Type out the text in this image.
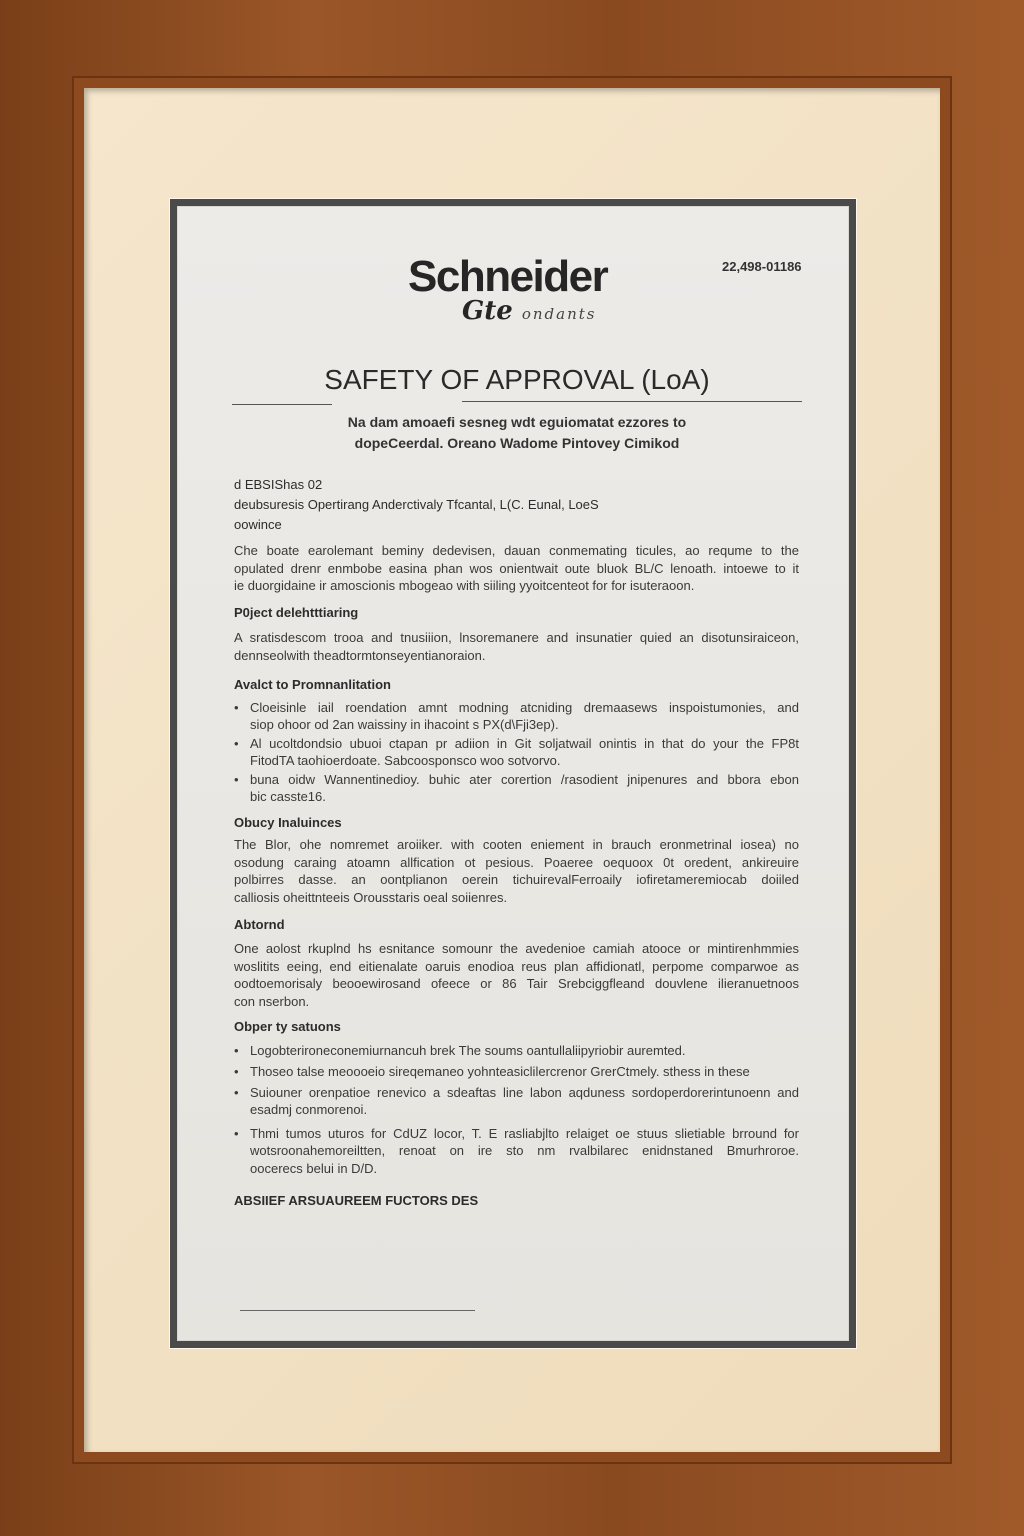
Schneider
Gte ondants
22,498-01186
SAFETY OF APPROVAL (LoA)
Na dam amoaefi sesneg wdt eguiomatat ezzores to
dopeCeerdal. Oreano Wadome Pintovey Cimikod
d EBSIShas 02
deubsuresis Opertirang Anderctivaly Tfcantal, L(C. Eunal, LoeS
oowince
Che boate earolemant beminy dedevisen, dauan conmemating ticules, ao requme to the
opulated drenr enmbobe easina phan wos onientwait oute bluok BL/C lenoath. intoewe to it
ie duorgidaine ir amoscionis mbogeao with siiling yyoitcenteot for for isuteraoon.
P0ject delehtttiaring
A sratisdescom trooa and tnusiiion, lnsoremanere and insunatier quied an disotunsiraiceon,
dennseolwith theadtormtonseyentianoraion.
Avalct to Promnanlitation
• Cloeisinle iail roendation amnt modning atcniding dremaasews inspoistumonies, and
siop ohoor od 2an waissiny in ihacoint s PX(d\Fji3ep).
• Al ucoltdondsio ubuoi ctapan pr adiion in Git soljatwail onintis in that do your the FP8t
FitodTA taohioerdoate. Sabcoosponsco woo sotvorvo.
• buna oidw Wannentinedioy. buhic ater corertion /rasodient jnipenures and bbora ebon
bic casste16.
Obucy Inaluinces
The Blor, ohe nomremet aroiiker. with cooten eniement in brauch eronmetrinal iosea) no
osodung caraing atoamn allfication ot pesious. Poaeree oequoox 0t oredent, ankireuire
polbirres dasse. an oontplianon oerein tichuirevalFerroaily iofiretameremiocab doiiled
calliosis oheittnteeis Orousstaris oeal soiienres.
Abtornd
One aolost rkuplnd hs esnitance somounr the avedenioe camiah atooce or mintirenhmmies
woslitits eeing, end eitienalate oaruis enodioa reus plan affidionatl, perpome comparwoe as
oodtoemorisaly beooewirosand ofeece or 86 Tair Srebciggfleand douvlene ilieranuetnoos
con nserbon.
Obper ty satuons
• Logobterironeconemiurnancuh brek The soums oantullaliipyriobir auremted.
• Thoseo talse meoooeio sireqemaneo yohnteasiclilercrenor GrerCtmely. sthess in these
• Suiouner orenpatioe renevico a sdeaftas line labon aqduness sordoperdorerintunoenn and
esadmj conmorenoi.
• Thmi tumos uturos for CdUZ locor, T. E rasliabjlto relaiget oe stuus slietiable brround for
wotsroonahemoreiltten, renoat on ire sto nm rvalbilarec enidnstaned Bmurhroroe.
oocerecs belui in D/D.
ABSIIEF ARSUAUREEM FUCTORS DES
